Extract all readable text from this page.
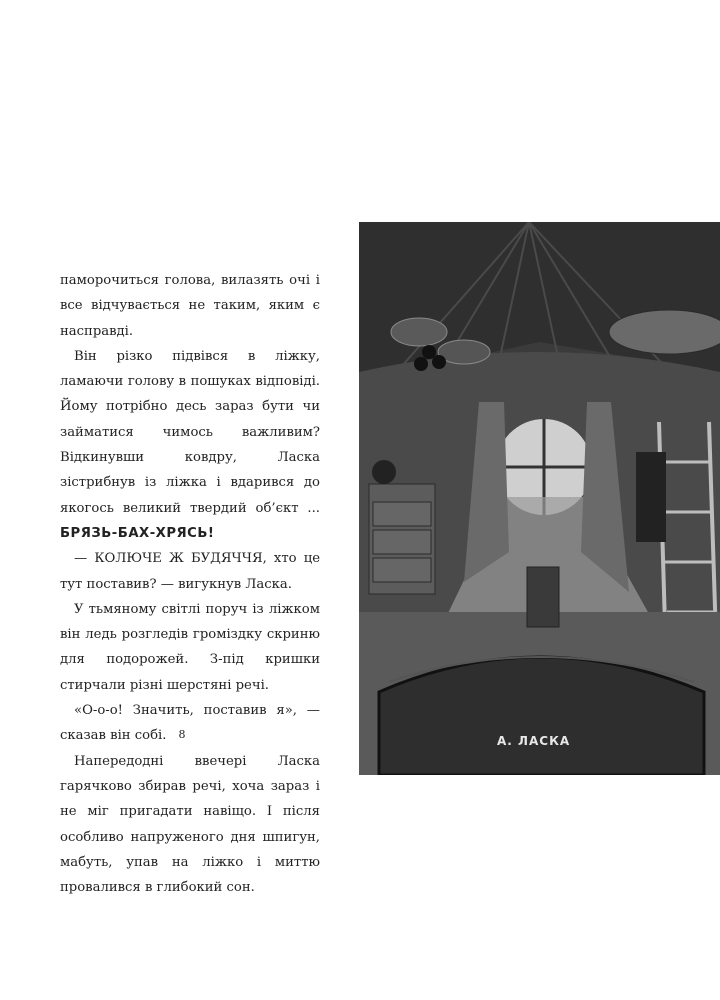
паморочиться голова, вилазять очі і все відчувається не таким, яким є насправді.

Він різко підвівся в ліжку, ламаючи голову в пошуках відповіді. Йому потрібно десь зараз бути чи займатися чимось важливим? Відкинувши ковдру, Ласка зістрибнув із ліжка і вдарився до якогось великий твердий об’єкт ... БРЯЗЬ-БАХ-ХРЯСЬ!

— КОЛЮЧЕ Ж БУДЯЧЧЯ, хто це тут поставив? — вигукнув Ласка.

У тьмяному світлі поруч із ліжком він ледь розгледів громіздку скриню для подорожей. З-під кришки стирчали різні шерстяні речі.

«О-о-о! Значить, поставив я», — сказав він собі.

Напередодні ввечері Ласка гарячково збирав речі, хоча зараз і не міг пригадати навіщо. І після особливо напруженого дня шпигун, мабуть, упав на ліжко і миттю провалився в глибокий сон.

8	А. ЛАСКА
